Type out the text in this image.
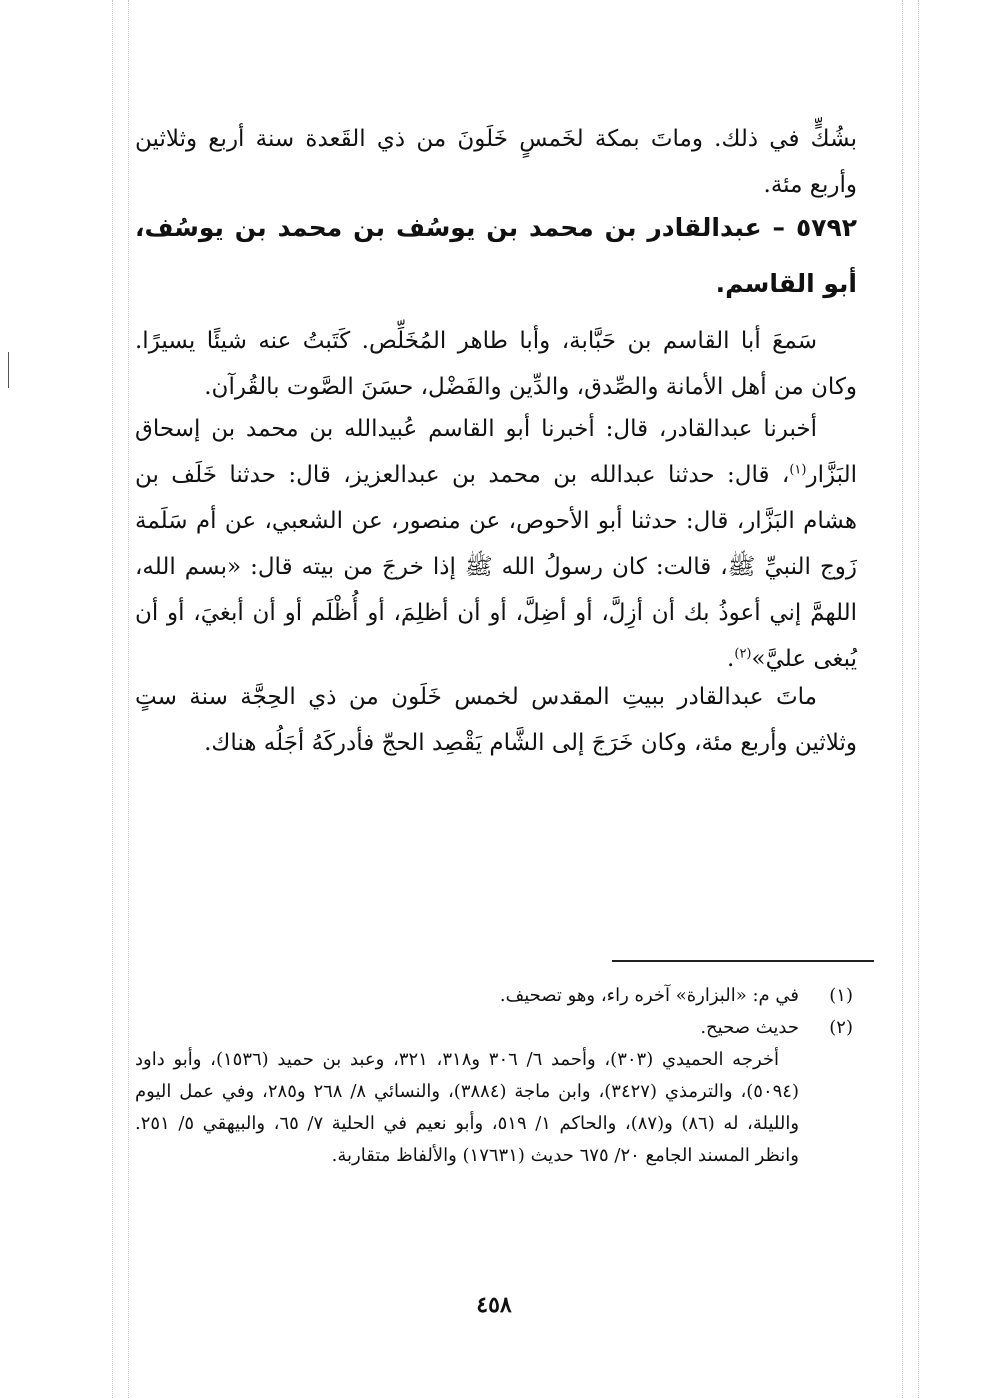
بشُكٍّ في ذلك. وماتَ بمكة لخَمسٍ خَلَونَ من ذي القَعدة سنة أربع وثلاثين وأربع مئة.

٥٧٩٢ – عبدالقادر بن محمد بن يوسُف بن محمد بن يوسُف، أبو القاسم.

سَمعَ أبا القاسم بن حَبَّابة، وأبا طاهر المُخَلِّص. كَتَبتُ عنه شيئًا يسيرًا. وكان من أهل الأمانة والصِّدق، والدِّين والفَضْل، حسَنَ الصَّوت بالقُرآن.

أخبرنا عبدالقادر، قال: أخبرنا أبو القاسم عُبيدالله بن محمد بن إسحاق البَزَّار$^{(١)}$، قال: حدثنا عبدالله بن محمد بن عبدالعزيز، قال: حدثنا خَلَف بن هشام البَزَّار، قال: حدثنا أبو الأحوص، عن منصور، عن الشعبي، عن أم سَلَمة زَوج النبيِّ ﷺ، قالت: كان رسولُ الله ﷺ إذا خرجَ من بيته قال: «بسم الله، اللهمَّ إني أعوذُ بك أن أزِلَّ، أو أضِلَّ، أو أن أظلِمَ، أو أُظْلَم أو أن أبغيَ، أو أن يُبغى عليَّ»$^{(٢)}$.

ماتَ عبدالقادر ببيتِ المقدس لخمس خَلَون من ذي الحِجَّة سنة ستٍ وثلاثين وأربع مئة، وكان خَرَجَ إلى الشَّام يَقْصِد الحجّ فأدركَهُ أجَلُه هناك.

(١)
في م: «البزارة» آخره راء، وهو تصحيف.
(٢)
حديث صحيح.
أخرجه الحميدي (٣٠٣)، وأحمد ٦/ ٣٠٦ و٣١٨، ٣٢١، وعبد بن حميد (١٥٣٦)، وأبو داود (٥٠٩٤)، والترمذي (٣٤٢٧)، وابن ماجة (٣٨٨٤)، والنسائي ٨/ ٢٦٨ و٢٨٥، وفي عمل اليوم والليلة، له (٨٦) و(٨٧)، والحاكم ١/ ٥١٩، وأبو نعيم في الحلية ٧/ ٦٥، والبيهقي ٥/ ٢٥١. وانظر المسند الجامع ٢٠/ ٦٧٥ حديث (١٧٦٣١) والألفاظ متقاربة.
٤٥٨
